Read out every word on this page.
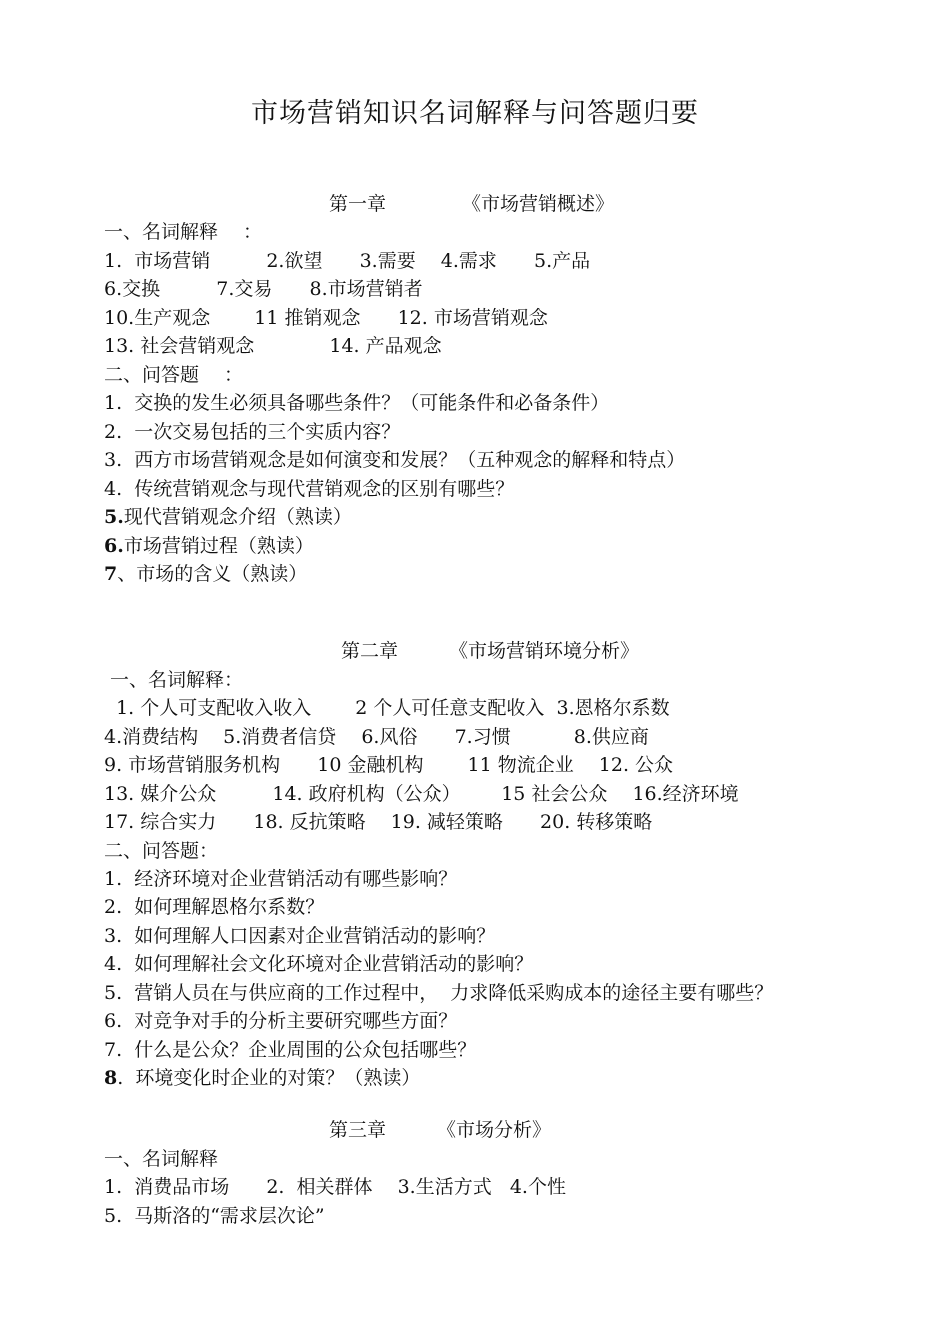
市场营销知识名词解释与问答题归要

第一章

	《市场营销概述》

一、名词解释　 ：
1.  市场营销　　   2.欲望　   3.需要　 4.需求　   5.产品
6.交换　　   7.交易　   8.市场营销者
10.生产观念　　 11 推销观念　   12. 市场营销观念
13. 社会营销观念　　　   14. 产品观念
二、问答题　 ：
1.  交换的发生必须具备哪些条件？（可能条件和必备条件）
2.  一次交易包括的三个实质内容？
3.  西方市场营销观念是如何演变和发展？（五种观念的解释和特点）
4.  传统营销观念与现代营销观念的区别有哪些？
5.现代营销观念介绍（熟读）
6.市场营销过程（熟读）
7、市场的含义（熟读）

第二章

	《市场营销环境分析》

一、名词解释：
1. 个人可支配收入收入　　 2 个人可任意支配收入  3.恩格尔系数
4.消费结构　 5.消费者信贷　 6.风俗　   7.习惯　　　 8.供应商
9. 市场营销服务机构　   10 金融机构　　 11 物流企业　 12. 公众
13. 媒介公众　　   14. 政府机构（公众）　　  15 社会公众　 16.经济环境
17. 综合实力　   18. 反抗策略　 19. 减轻策略　   20. 转移策略
二、问答题：
1.  经济环境对企业营销活动有哪些影响？
2.  如何理解恩格尔系数？
3.  如何理解人口因素对企业营销活动的影响？
4.  如何理解社会文化环境对企业营销活动的影响？
5.  营销人员在与供应商的工作过程中，  力求降低采购成本的途径主要有哪些？
6.  对竞争对手的分析主要研究哪些方面？
7.  什么是公众？企业周围的公众包括哪些？
8.  环境变化时企业的对策？（熟读）

第三章

	《市场分析》

一、名词解释
1.  消费品市场　   2.  相关群体　 3.生活方式   4.个性
5.  马斯洛的“需求层次论”
